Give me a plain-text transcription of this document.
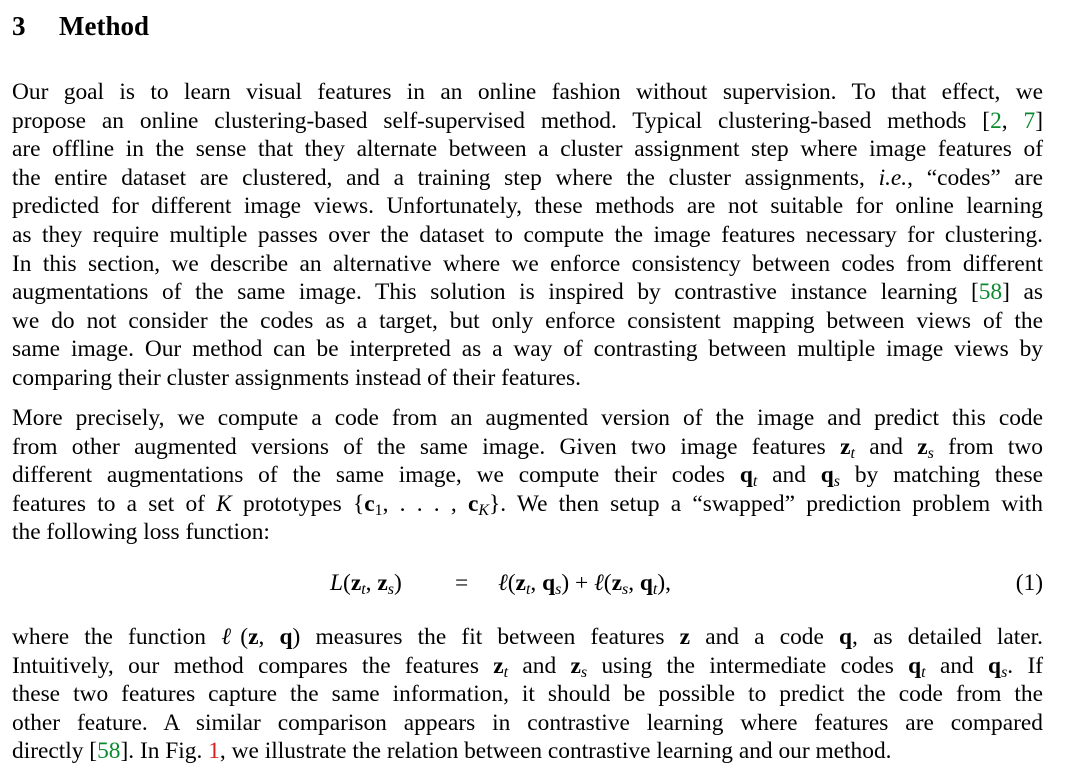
3 Method
Our goal is to learn visual features in an online fashion without supervision. To that effect, we
propose an online clustering-based self-supervised method. Typical clustering-based methods [2, 7]
are offline in the sense that they alternate between a cluster assignment step where image features of
the entire dataset are clustered, and a training step where the cluster assignments, i.e., “codes” are
predicted for different image views. Unfortunately, these methods are not suitable for online learning
as they require multiple passes over the dataset to compute the image features necessary for clustering.
In this section, we describe an alternative where we enforce consistency between codes from different
augmentations of the same image. This solution is inspired by contrastive instance learning [58] as
we do not consider the codes as a target, but only enforce consistent mapping between views of the
same image. Our method can be interpreted as a way of contrasting between multiple image views by
comparing their cluster assignments instead of their features.
More precisely, we compute a code from an augmented version of the image and predict this code
from other augmented versions of the same image. Given two image features $z_t$ and $z_s$ from two
different augmentations of the same image, we compute their codes $q_t$ and $q_s$ by matching these
features to a set of K prototypes {$c_1$, . . . , $c_K$}. We then setup a “swapped” prediction problem with
the following loss function:
$L(z_t$, $z_s$) = $\ell(z_t$, $q_s$) + $\ell(z_s$, $q_t$),	(1)
where the function ℓ(z, q) measures the fit between features z and a code q, as detailed later.
Intuitively, our method compares the features $z_t$ and $z_s$ using the intermediate codes $q_t$ and $q_s$. If
these two features capture the same information, it should be possible to predict the code from the
other feature. A similar comparison appears in contrastive learning where features are compared
directly [58]. In Fig. 1, we illustrate the relation between contrastive learning and our method.
